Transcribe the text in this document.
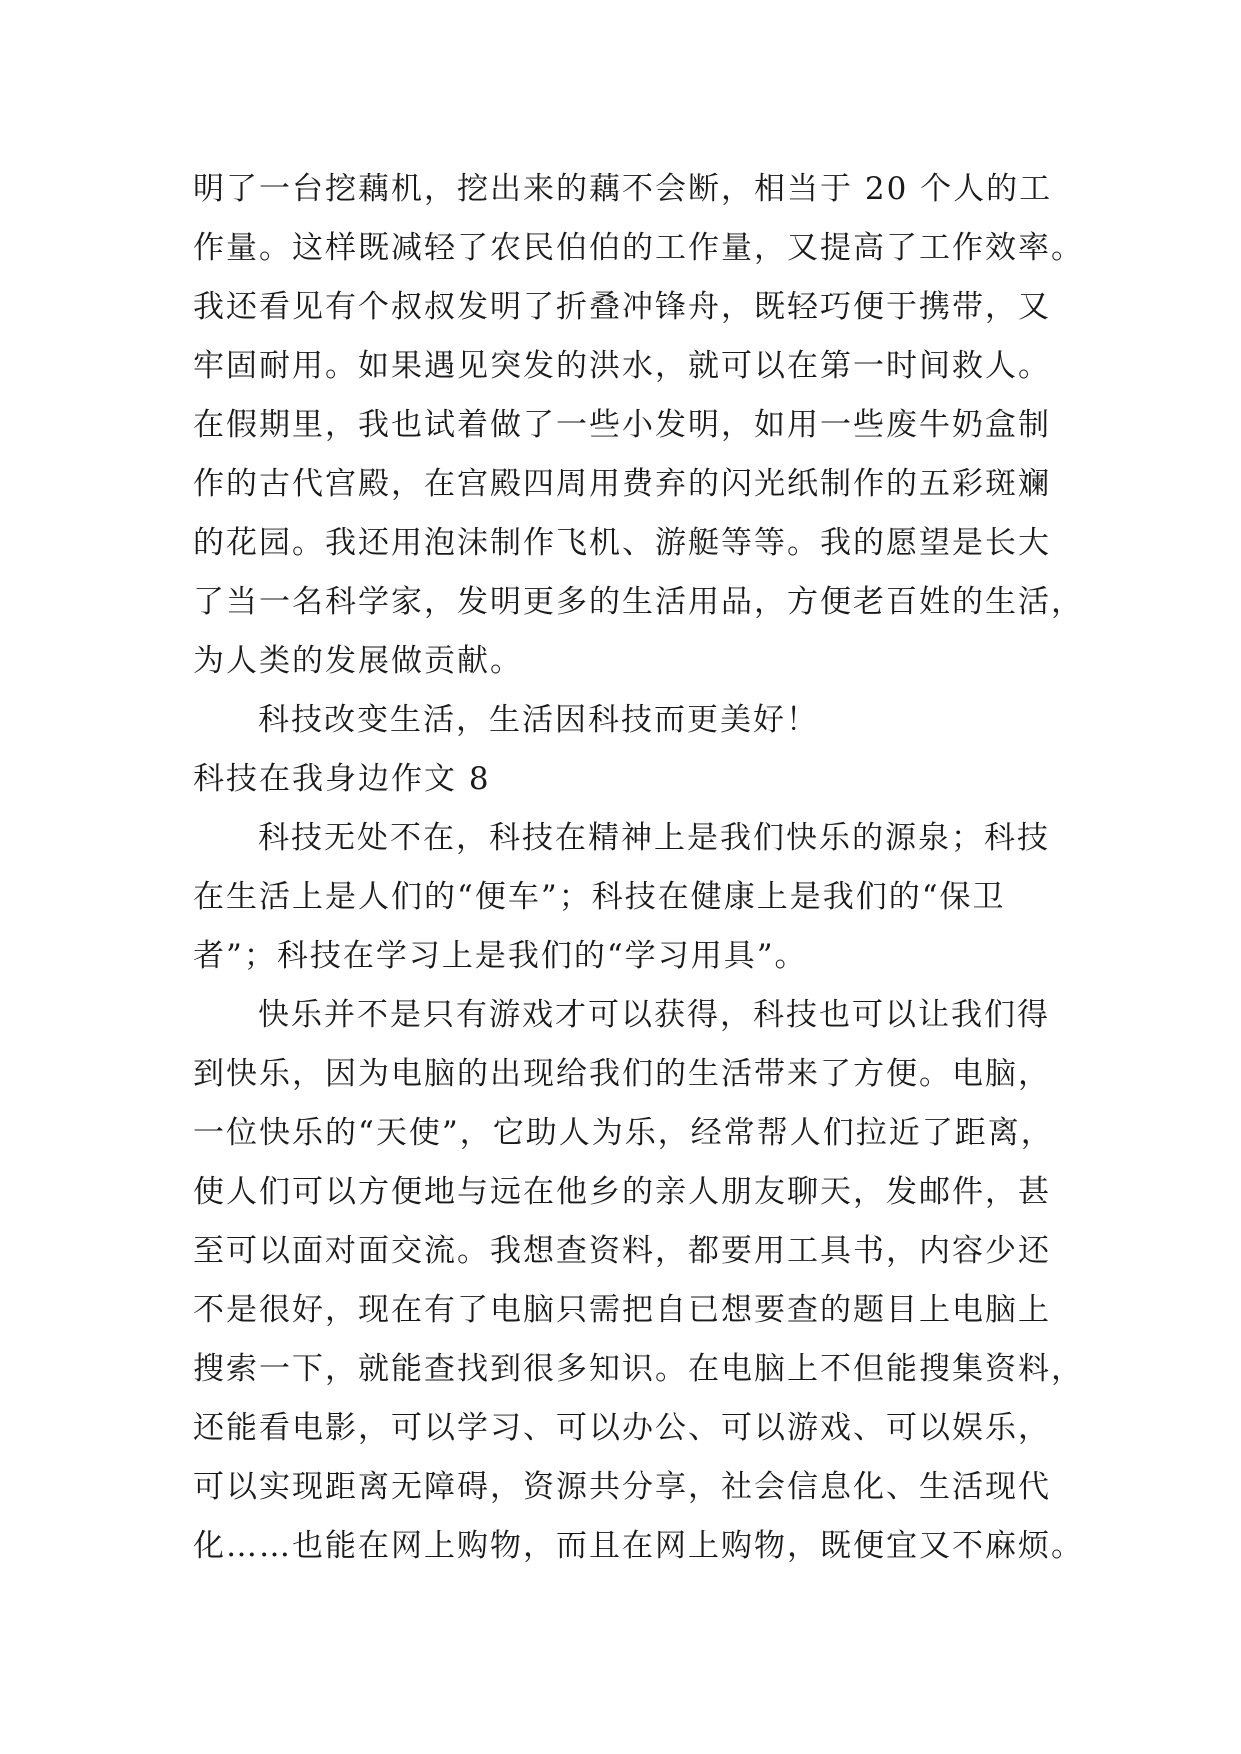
明了一台挖藕机，挖出来的藕不会断，相当于 20 个人的工
作量。这样既减轻了农民伯伯的工作量，又提高了工作效率。
我还看见有个叔叔发明了折叠冲锋舟，既轻巧便于携带，又
牢固耐用。如果遇见突发的洪水，就可以在第一时间救人。
在假期里，我也试着做了一些小发明，如用一些废牛奶盒制
作的古代宫殿，在宫殿四周用费弃的闪光纸制作的五彩斑斓
的花园。我还用泡沫制作飞机、游艇等等。我的愿望是长大
了当一名科学家，发明更多的生活用品，方便老百姓的生活，
为人类的发展做贡献。
科技改变生活，生活因科技而更美好！
科技在我身边作文 8
科技无处不在，科技在精神上是我们快乐的源泉；科技
在生活上是人们的“便车”；科技在健康上是我们的“保卫
者”；科技在学习上是我们的“学习用具”。
快乐并不是只有游戏才可以获得，科技也可以让我们得
到快乐，因为电脑的出现给我们的生活带来了方便。电脑，
一位快乐的“天使”，它助人为乐，经常帮人们拉近了距离，
使人们可以方便地与远在他乡的亲人朋友聊天，发邮件，甚
至可以面对面交流。我想查资料，都要用工具书，内容少还
不是很好，现在有了电脑只需把自已想要查的题目上电脑上
搜索一下，就能查找到很多知识。在电脑上不但能搜集资料，
还能看电影，可以学习、可以办公、可以游戏、可以娱乐，
可以实现距离无障碍，资源共分享，社会信息化、生活现代
化……也能在网上购物，而且在网上购物，既便宜又不麻烦。
